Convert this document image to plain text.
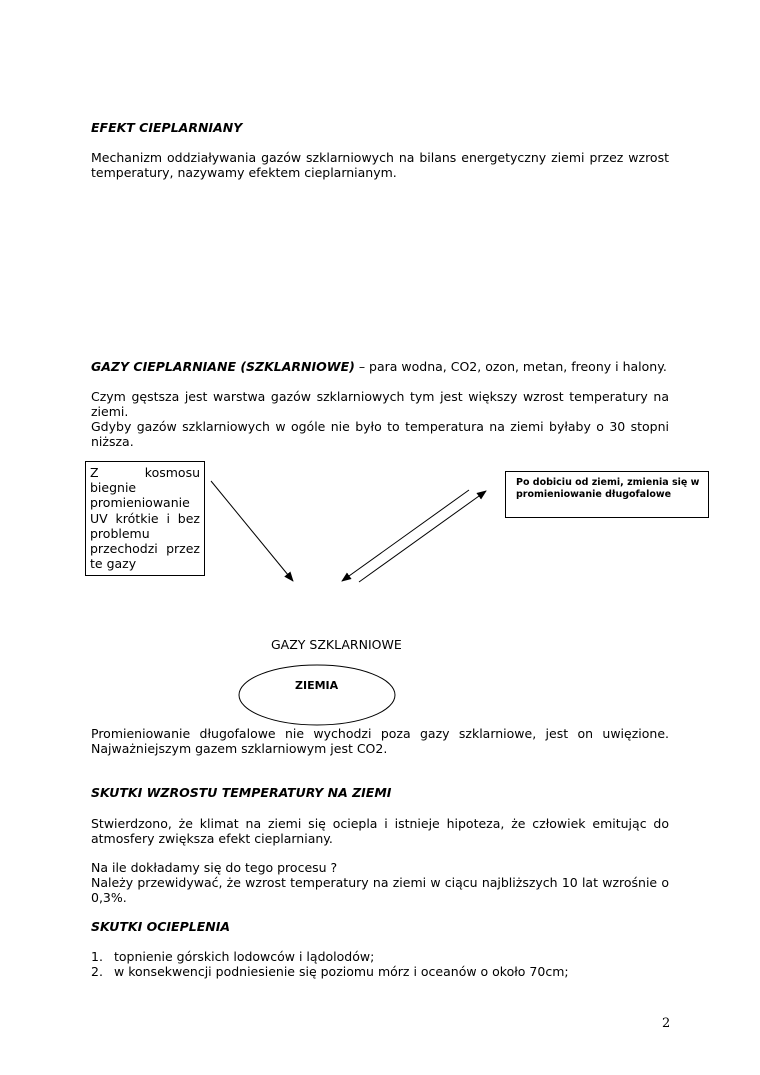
EFEKT CIEPLARNIANY

Mechanizm oddziaływania gazów szklarniowych na bilans energetyczny ziemi przez wzrost temperatury, nazywamy efektem cieplarnianym.

GAZY CIEPLARNIANE (SZKLARNIOWE) – para wodna, CO2, ozon, metan, freony i halony.

Czym gęstsza jest warstwa gazów szklarniowych tym jest większy wzrost temperatury na ziemi.

Gdyby gazów szklarniowych w ogóle nie było to temperatura na ziemi byłaby o 30 stopni niższa.

Z kosmosu biegnie promieniowanie UV krótkie i bez problemu przechodzi przez te gazy
Po dobiciu od ziemi, zmienia się w promieniowanie długofalowe
GAZY SZKLARNIOWE
ZIEMIA

Promieniowanie długofalowe nie wychodzi poza gazy szklarniowe, jest on uwięzione. Najważniejszym gazem szklarniowym jest CO2.

SKUTKI WZROSTU TEMPERATURY NA ZIEMI

Stwierdzono, że klimat na ziemi się ociepla i istnieje hipoteza, że człowiek emitując do atmosfery zwiększa efekt cieplarniany.

Na ile dokładamy się do tego procesu ?

Należy przewidywać, że wzrost temperatury na ziemi w ciącu najbliższych 10 lat wzrośnie o 0,3%.

SKUTKI OCIEPLENIA
1. topnienie górskich lodowców i lądolodów;
2. w konsekwencji podniesienie się poziomu mórz i oceanów o około 70cm;
2
